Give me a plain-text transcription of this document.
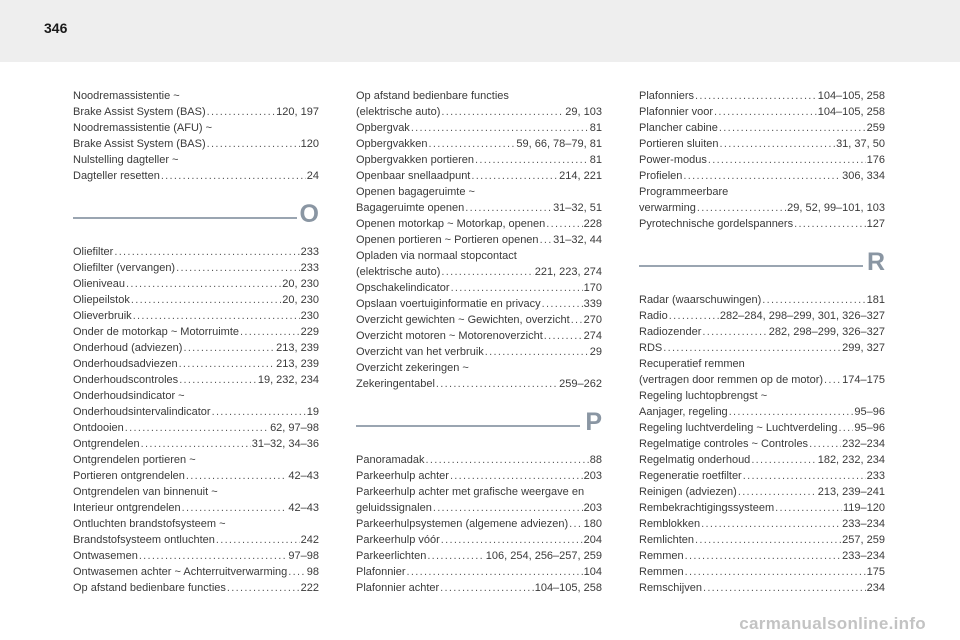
346
Noodremassistentie ~
Brake Assist System (BAS) .....	120, 197
Noodremassistentie (AFU) ~
Brake Assist System (BAS) .....	120
Nulstelling dagteller ~
Dagteller resetten .....	24
O
Oliefilter .....	233
Oliefilter (vervangen) .....	233
Olieniveau .....	20, 230
Oliepeilstok .....	20, 230
Olieverbruik .....	230
Onder de motorkap ~ Motorruimte .....	229
Onderhoud (adviezen) .....	213, 239
Onderhoudsadviezen .....	213, 239
Onderhoudscontroles .....	19, 232, 234
Onderhoudsindicator ~
Onderhoudsintervalindicator .....	19
Ontdooien .....	62, 97–98
Ontgrendelen .....	31–32, 34–36
Ontgrendelen portieren ~
Portieren ontgrendelen .....	42–43
Ontgrendelen van binnenuit ~
Interieur ontgrendelen .....	42–43
Ontluchten brandstofsysteem ~
Brandstofsysteem ontluchten .....	242
Ontwasemen .....	97–98
Ontwasemen achter ~ Achterruitverwarming ..... 98
Op afstand bedienbare functies .....	222
Op afstand bedienbare functies
(elektrische auto) .....	29, 103
Opbergvak .....	81
Opbergvakken .....	59, 66, 78–79, 81
Opbergvakken portieren .....	81
Openbaar snellaadpunt .....	214, 221
Openen bagageruimte ~
Bagageruimte openen .....	31–32, 51
Openen motorkap ~ Motorkap, openen .....	228
Openen portieren ~ Portieren openen ..... 31–32, 44
Opladen via normaal stopcontact
(elektrische auto) .....	221, 223, 274
Opschakelindicator .....	170
Opslaan voertuiginformatie en privacy .....	339
Overzicht gewichten ~ Gewichten, overzicht ..... 270
Overzicht motoren ~ Motorenoverzicht .....	274
Overzicht van het verbruik .....	29
Overzicht zekeringen ~
Zekeringentabel .....	259–262
P
Panoramadak .....	88
Parkeerhulp achter .....	203
Parkeerhulp achter met grafische weergave en
geluidssignalen .....	203
Parkeerhulpsystemen (algemene adviezen) ..... 180
Parkeerhulp vóór .....	204
Parkeerlichten .....	106, 254, 256–257, 259
Plafonnier .....	104
Plafonnier achter .....	104–105, 258
Plafonniers .....	104–105, 258
Plafonnier voor .....	104–105, 258
Plancher cabine .....	259
Portieren sluiten .....	31, 37, 50
Power-modus .....	176
Profielen .....	306, 334
Programmeerbare
verwarming .....	29, 52, 99–101, 103
Pyrotechnische gordelspanners .....	127
R
Radar (waarschuwingen) .....	181
Radio .....	282–284, 298–299, 301, 326–327
Radiozender .....	282, 298–299, 326–327
RDS .....	299, 327
Recuperatief remmen
(vertragen door remmen op de motor) ..... 174–175
Regeling luchtopbrengst ~
Aanjager, regeling .....	95–96
Regeling luchtverdeling ~ Luchtverdeling ..... 95–96
Regelmatige controles ~ Controles .....	232–234
Regelmatig onderhoud .....	182, 232, 234
Regeneratie roetfilter .....	233
Reinigen (adviezen) .....	213, 239–241
Rembekrachtigingssysteem .....	119–120
Remblokken .....	233–234
Remlichten .....	257, 259
Remmen .....	233–234
Remmen .....	175
Remschijven .....	234
carmanualsonline.info
